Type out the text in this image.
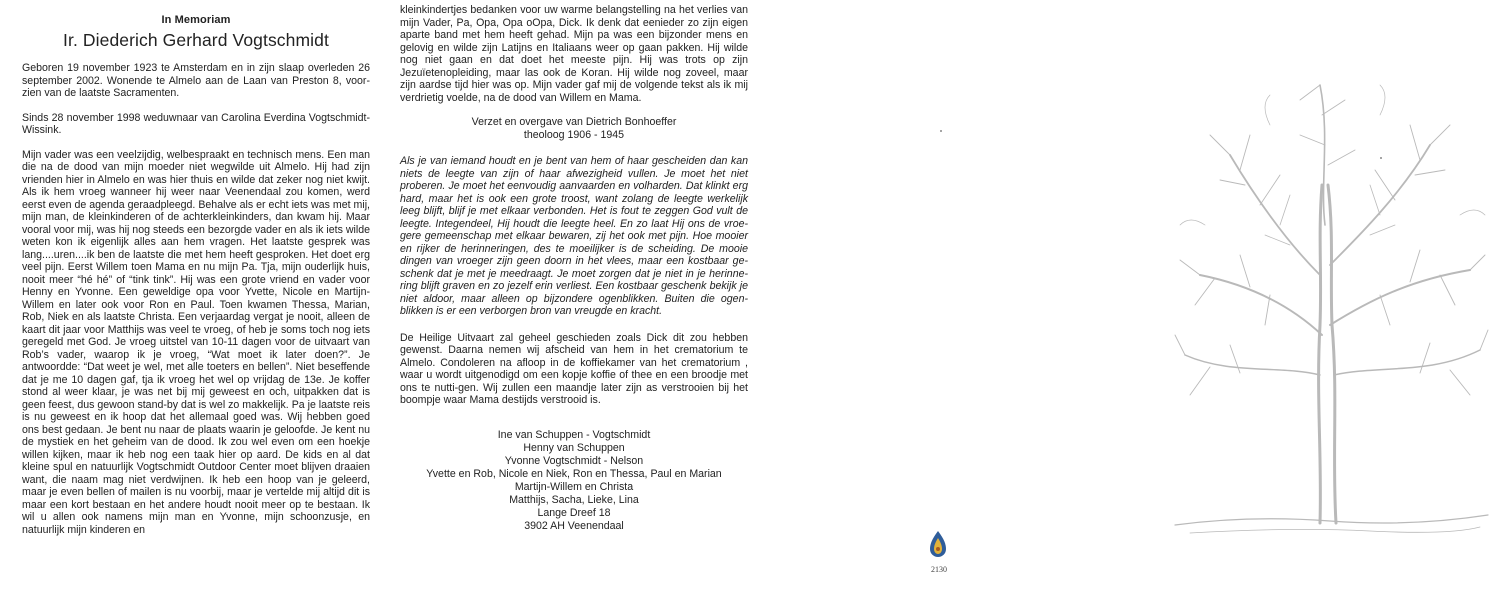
In Memoriam
Ir. Diederich Gerhard Vogtschmidt

Geboren 19 november 1923 te Amsterdam en in zijn slaap overleden 26 september 2002. Wonende te Almelo aan de Laan van Preston 8, voor-zien van de laatste Sacramenten.

Sinds 28 november 1998 weduwnaar van Carolina Everdina Vogtschmidt-Wissink.

Mijn vader was een veelzijdig, welbespraakt en technisch mens. Een man die na de dood van mijn moeder niet wegwilde uit Almelo. Hij had zijn vrienden hier in Almelo en was hier thuis en wilde dat zeker nog niet kwijt. Als ik hem vroeg wanneer hij weer naar Veenendaal zou komen, werd eerst even de agenda geraadpleegd. Behalve als er echt iets was met mij, mijn man, de kleinkinderen of de achterkleinkinders, dan kwam hij. Maar vooral voor mij, was hij nog steeds een bezorgde vader en als ik iets wilde weten kon ik eigenlijk alles aan hem vragen. Het laatste gesprek was lang....uren....ik ben de laatste die met hem heeft gesproken. Het doet erg veel pijn. Eerst Willem toen Mama en nu mijn Pa. Tja, mijn ouderlijk huis, nooit meer “hé hé” of “tink tink”. Hij was een grote vriend en vader voor Henny en Yvonne. Een geweldige opa voor Yvette, Nicole en Martijn-Willem en later ook voor Ron en Paul. Toen kwamen Thessa, Marian, Rob, Niek en als laatste Christa. Een verjaardag vergat je nooit, alleen de kaart dit jaar voor Matthijs was veel te vroeg, of heb je soms toch nog iets geregeld met God. Je vroeg uitstel van 10-11 dagen voor de uitvaart van Rob’s vader, waarop ik je vroeg, “Wat moet ik later doen?”. Je antwoordde: “Dat weet je wel, met alle toeters en bellen”. Niet beseffende dat je me 10 dagen gaf, tja ik vroeg het wel op vrijdag de 13e. Je koffer stond al weer klaar, je was net bij mij geweest en och, uitpakken dat is geen feest, dus gewoon stand-by dat is wel zo makkelijk. Pa je laatste reis is nu geweest en ik hoop dat het allemaal goed was. Wij hebben goed ons best gedaan. Je bent nu naar de plaats waarin je geloofde. Je kent nu de mystiek en het geheim van de dood. Ik zou wel even om een hoekje willen kijken, maar ik heb nog een taak hier op aard. De kids en al dat kleine spul en natuurlijk Vogtschmidt Outdoor Center moet blijven draaien want, die naam mag niet verdwijnen. Ik heb een hoop van je geleerd, maar je even bellen of mailen is nu voorbij, maar je vertelde mij altijd dit is maar een kort bestaan en het andere houdt nooit meer op te bestaan. Ik wil u allen ook namens mijn man en Yvonne, mijn schoonzusje, en natuurlijk mijn kinderen en

kleinkindertjes bedanken voor uw warme belangstelling na het verlies van mijn Vader, Pa, Opa, Opa oOpa, Dick. Ik denk dat eenieder zo zijn eigen aparte band met hem heeft gehad. Mijn pa was een bijzonder mens en gelovig en wilde zijn Latijns en Italiaans weer op gaan pakken. Hij wilde nog niet gaan en dat doet het meeste pijn. Hij was trots op zijn Jezuïetenopleiding, maar las ook de Koran. Hij wilde nog zoveel, maar zijn aardse tijd hier was op. Mijn vader gaf mij de volgende tekst als ik mij verdrietig voelde, na de dood van Willem en Mama.

Verzet en overgave van Dietrich Bonhoeffer

theoloog 1906 - 1945

Als je van iemand houdt en je bent van hem of haar gescheiden dan kan niets de leegte van zijn of haar afwezigheid vullen. Je moet het niet proberen. Je moet het eenvoudig aanvaarden en volharden. Dat klinkt erg hard, maar het is ook een grote troost, want zolang de leegte werkelijk leeg blijft, blijf je met elkaar verbonden. Het is fout te zeggen God vult de leegte. Integendeel, Hij houdt die leegte heel. En zo laat Hij ons de vroe-gere gemeenschap met elkaar bewaren, zij het ook met pijn. Hoe mooier en rijker de herinneringen, des te moeilijker is de scheiding. De mooie dingen van vroeger zijn geen doorn in het vlees, maar een kostbaar ge-schenk dat je met je meedraagt. Je moet zorgen dat je niet in je herinne-ring blijft graven en zo jezelf erin verliest. Een kostbaar geschenk bekijk je niet aldoor, maar alleen op bijzondere ogenblikken. Buiten die ogen-blikken is er een verborgen bron van vreugde en kracht.

De Heilige Uitvaart zal geheel geschieden zoals Dick dit zou hebben gewenst. Daarna nemen wij afscheid van hem in het crematorium te Almelo. Condoleren na afloop in de koffiekamer van het crematorium , waar u wordt uitgenodigd om een kopje koffie of thee en een broodje met ons te nutti-gen. Wij zullen een maandje later zijn as verstrooien bij het boompje waar Mama destijds verstrooid is.

Ine van Schuppen - Vogtschmidt
Henny van Schuppen
Yvonne Vogtschmidt - Nelson
Yvette en Rob, Nicole en Niek, Ron en Thessa, Paul en Marian
Martijn-Willem en Christa
Matthijs, Sacha, Lieke, Lina
Lange Dreef 18
3902 AH Veenendaal
2130
